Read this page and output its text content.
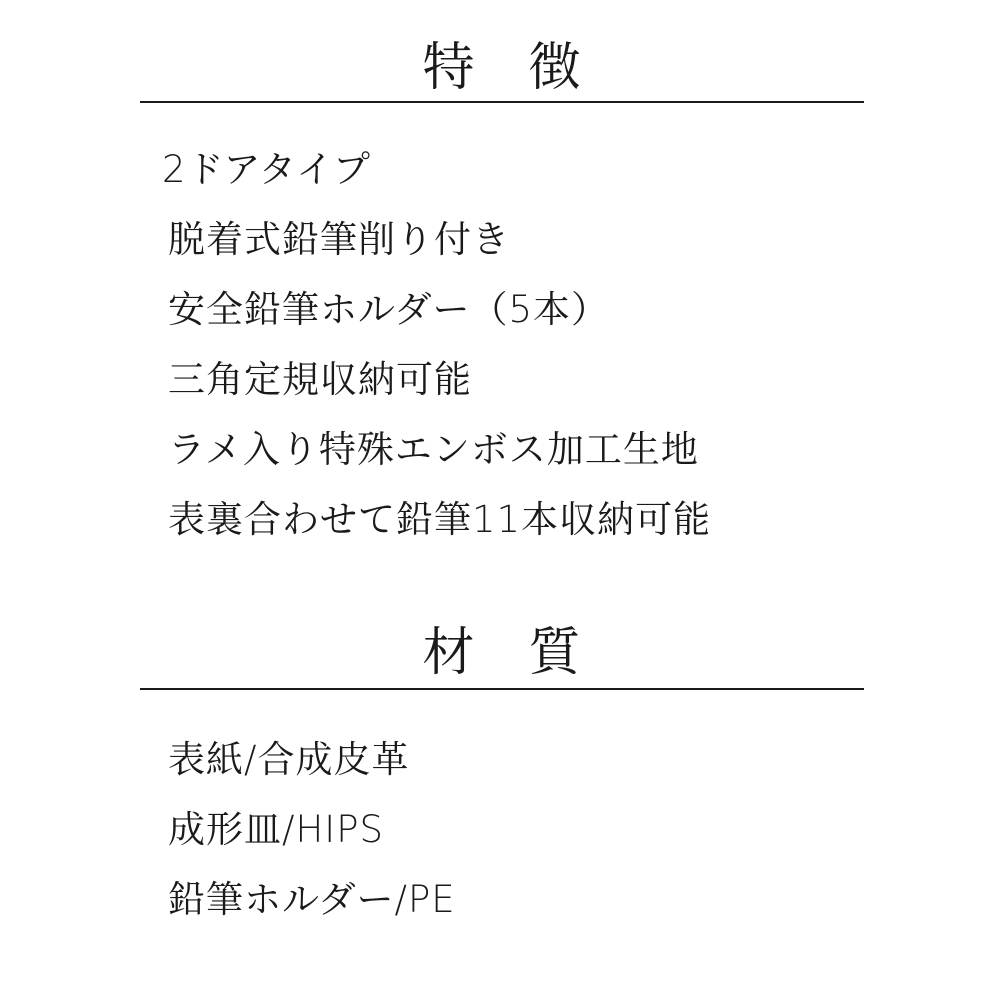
特　徴
2ドアタイプ
脱着式鉛筆削り付き
安全鉛筆ホルダー（5本）
三角定規収納可能
ラメ入り特殊エンボス加工生地
表裏合わせて鉛筆11本収納可能
材　質
表紙/合成皮革
成形皿/HIPS
鉛筆ホルダー/PE
